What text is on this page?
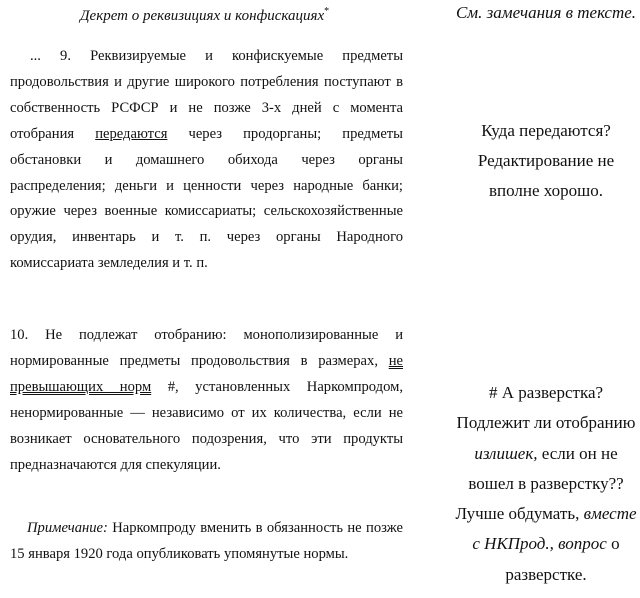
Декрет о реквизициях и конфискациях*

... 9. Реквизируемые и конфискуемые предметы продовольствия и другие широкого потребления поступают в собственность РСФСР и не позже 3-х дней с момента отобрания передаются через продорганы; предметы обстановки и домашнего обихода через органы распределения; деньги и ценности через народные банки; оружие через военные комиссариаты; сельскохозяйственные орудия, инвентарь и т. п. через органы Народного комиссариата земледелия и т. п.

10. Не подлежат отобранию: монополизированные и нормированные предметы продовольствия в размерах, не превышающих норм #, установленных Наркомпродом, ненормированные — независимо от их количества, если не возникает основательного подозрения, что эти продукты предназначаются для спекуляции.

Примечание: Наркомпроду вменить в обязанность не позже 15 января 1920 года опубликовать упомянутые нормы.

См. замечания в тексте.
Куда передаются? Редактирование не вполне хорошо.
# А разверстка? Подлежит ли отобранию излишек, если он не вошел в разверстку?? Лучше обдумать, вместе с НКПрод., вопрос о разверстке.
